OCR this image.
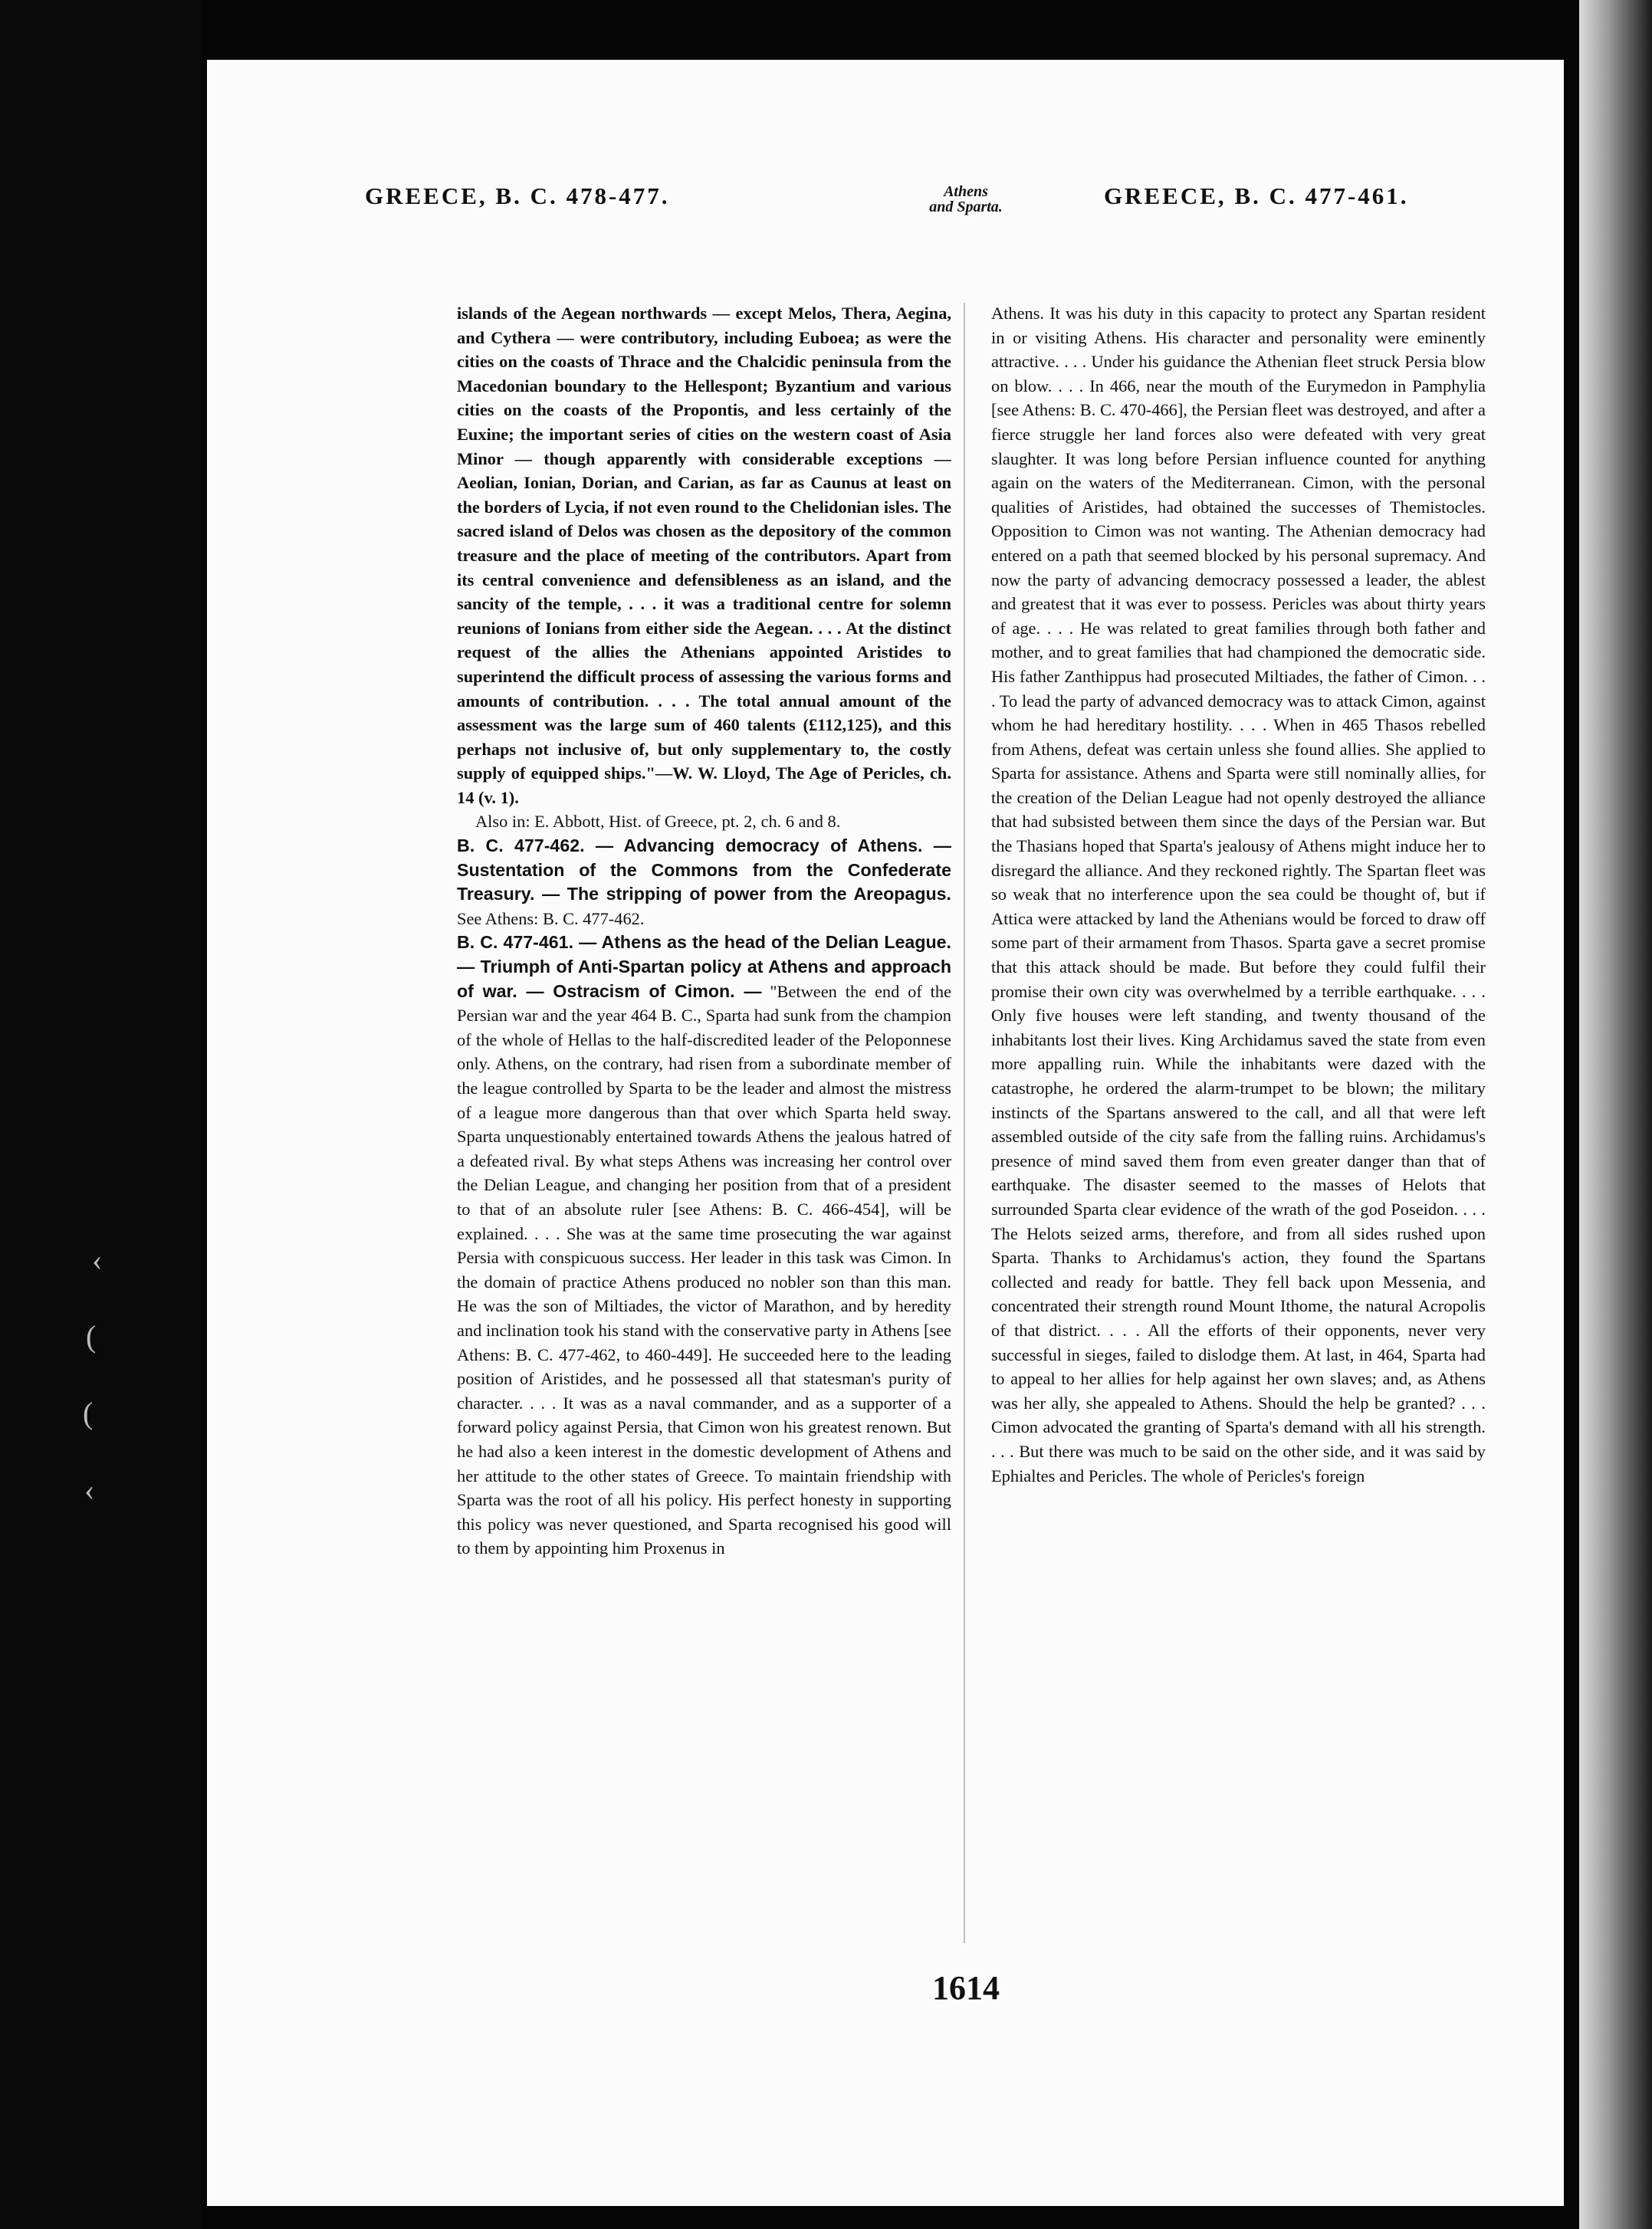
‹
(
(
‹
GREECE, B. C. 478-477.	Athens
and Sparta.	GREECE, B. C. 477-461.

islands of the Aegean northwards — except Melos, Thera, Aegina, and Cythera — were contributory, including Euboea; as were the cities on the coasts of Thrace and the Chalcidic peninsula from the Macedonian boundary to the Hellespont; Byzantium and various cities on the coasts of the Propontis, and less certainly of the Euxine; the important series of cities on the western coast of Asia Minor — though apparently with considerable exceptions — Aeolian, Ionian, Dorian, and Carian, as far as Caunus at least on the borders of Lycia, if not even round to the Chelidonian isles. The sacred island of Delos was chosen as the depository of the common treasure and the place of meeting of the contributors. Apart from its central convenience and defensibleness as an island, and the sancity of the temple, . . . it was a traditional centre for solemn reunions of Ionians from either side the Aegean. . . . At the distinct request of the allies the Athenians appointed Aristides to superintend the difficult process of assessing the various forms and amounts of contribution. . . . The total annual amount of the assessment was the large sum of 460 talents (£112,125), and this perhaps not inclusive of, but only supplementary to, the costly supply of equipped ships."—W. W. Lloyd, The Age of Pericles, ch. 14 (v. 1).

Also in: E. Abbott, Hist. of Greece, pt. 2, ch. 6 and 8.

B. C. 477-462. — Advancing democracy of Athens. — Sustentation of the Commons from the Confederate Treasury. — The stripping of power from the Areopagus. See Athens: B. C. 477-462.

B. C. 477-461. — Athens as the head of the Delian League. — Triumph of Anti-Spartan policy at Athens and approach of war. — Ostracism of Cimon. — "Between the end of the Persian war and the year 464 B. C., Sparta had sunk from the champion of the whole of Hellas to the half-discredited leader of the Peloponnese only. Athens, on the contrary, had risen from a subordinate member of the league controlled by Sparta to be the leader and almost the mistress of a league more dangerous than that over which Sparta held sway. Sparta unquestionably entertained towards Athens the jealous hatred of a defeated rival. By what steps Athens was increasing her control over the Delian League, and changing her position from that of a president to that of an absolute ruler [see Athens: B. C. 466-454], will be explained. . . . She was at the same time prosecuting the war against Persia with conspicuous success. Her leader in this task was Cimon. In the domain of practice Athens produced no nobler son than this man. He was the son of Miltiades, the victor of Marathon, and by heredity and inclination took his stand with the conservative party in Athens [see Athens: B. C. 477-462, to 460-449]. He succeeded here to the leading position of Aristides, and he possessed all that statesman's purity of character. . . . It was as a naval commander, and as a supporter of a forward policy against Persia, that Cimon won his greatest renown. But he had also a keen interest in the domestic development of Athens and her attitude to the other states of Greece. To maintain friendship with Sparta was the root of all his policy. His perfect honesty in supporting this policy was never questioned, and Sparta recognised his good will to them by appointing him Proxenus in

Athens. It was his duty in this capacity to protect any Spartan resident in or visiting Athens. His character and personality were eminently attractive. . . . Under his guidance the Athenian fleet struck Persia blow on blow. . . . In 466, near the mouth of the Eurymedon in Pamphylia [see Athens: B. C. 470-466], the Persian fleet was destroyed, and after a fierce struggle her land forces also were defeated with very great slaughter. It was long before Persian influence counted for anything again on the waters of the Mediterranean. Cimon, with the personal qualities of Aristides, had obtained the successes of Themistocles. Opposition to Cimon was not wanting. The Athenian democracy had entered on a path that seemed blocked by his personal supremacy. And now the party of advancing democracy possessed a leader, the ablest and greatest that it was ever to possess. Pericles was about thirty years of age. . . . He was related to great families through both father and mother, and to great families that had championed the democratic side. His father Zanthippus had prosecuted Miltiades, the father of Cimon. . . . To lead the party of advanced democracy was to attack Cimon, against whom he had hereditary hostility. . . . When in 465 Thasos rebelled from Athens, defeat was certain unless she found allies. She applied to Sparta for assistance. Athens and Sparta were still nominally allies, for the creation of the Delian League had not openly destroyed the alliance that had subsisted between them since the days of the Persian war. But the Thasians hoped that Sparta's jealousy of Athens might induce her to disregard the alliance. And they reckoned rightly. The Spartan fleet was so weak that no interference upon the sea could be thought of, but if Attica were attacked by land the Athenians would be forced to draw off some part of their armament from Thasos. Sparta gave a secret promise that this attack should be made. But before they could fulfil their promise their own city was overwhelmed by a terrible earthquake. . . . Only five houses were left standing, and twenty thousand of the inhabitants lost their lives. King Archidamus saved the state from even more appalling ruin. While the inhabitants were dazed with the catastrophe, he ordered the alarm-trumpet to be blown; the military instincts of the Spartans answered to the call, and all that were left assembled outside of the city safe from the falling ruins. Archidamus's presence of mind saved them from even greater danger than that of earthquake. The disaster seemed to the masses of Helots that surrounded Sparta clear evidence of the wrath of the god Poseidon. . . . The Helots seized arms, therefore, and from all sides rushed upon Sparta. Thanks to Archidamus's action, they found the Spartans collected and ready for battle. They fell back upon Messenia, and concentrated their strength round Mount Ithome, the natural Acropolis of that district. . . . All the efforts of their opponents, never very successful in sieges, failed to dislodge them. At last, in 464, Sparta had to appeal to her allies for help against her own slaves; and, as Athens was her ally, she appealed to Athens. Should the help be granted? . . . Cimon advocated the granting of Sparta's demand with all his strength. . . . But there was much to be said on the other side, and it was said by Ephialtes and Pericles. The whole of Pericles's foreign

1614
